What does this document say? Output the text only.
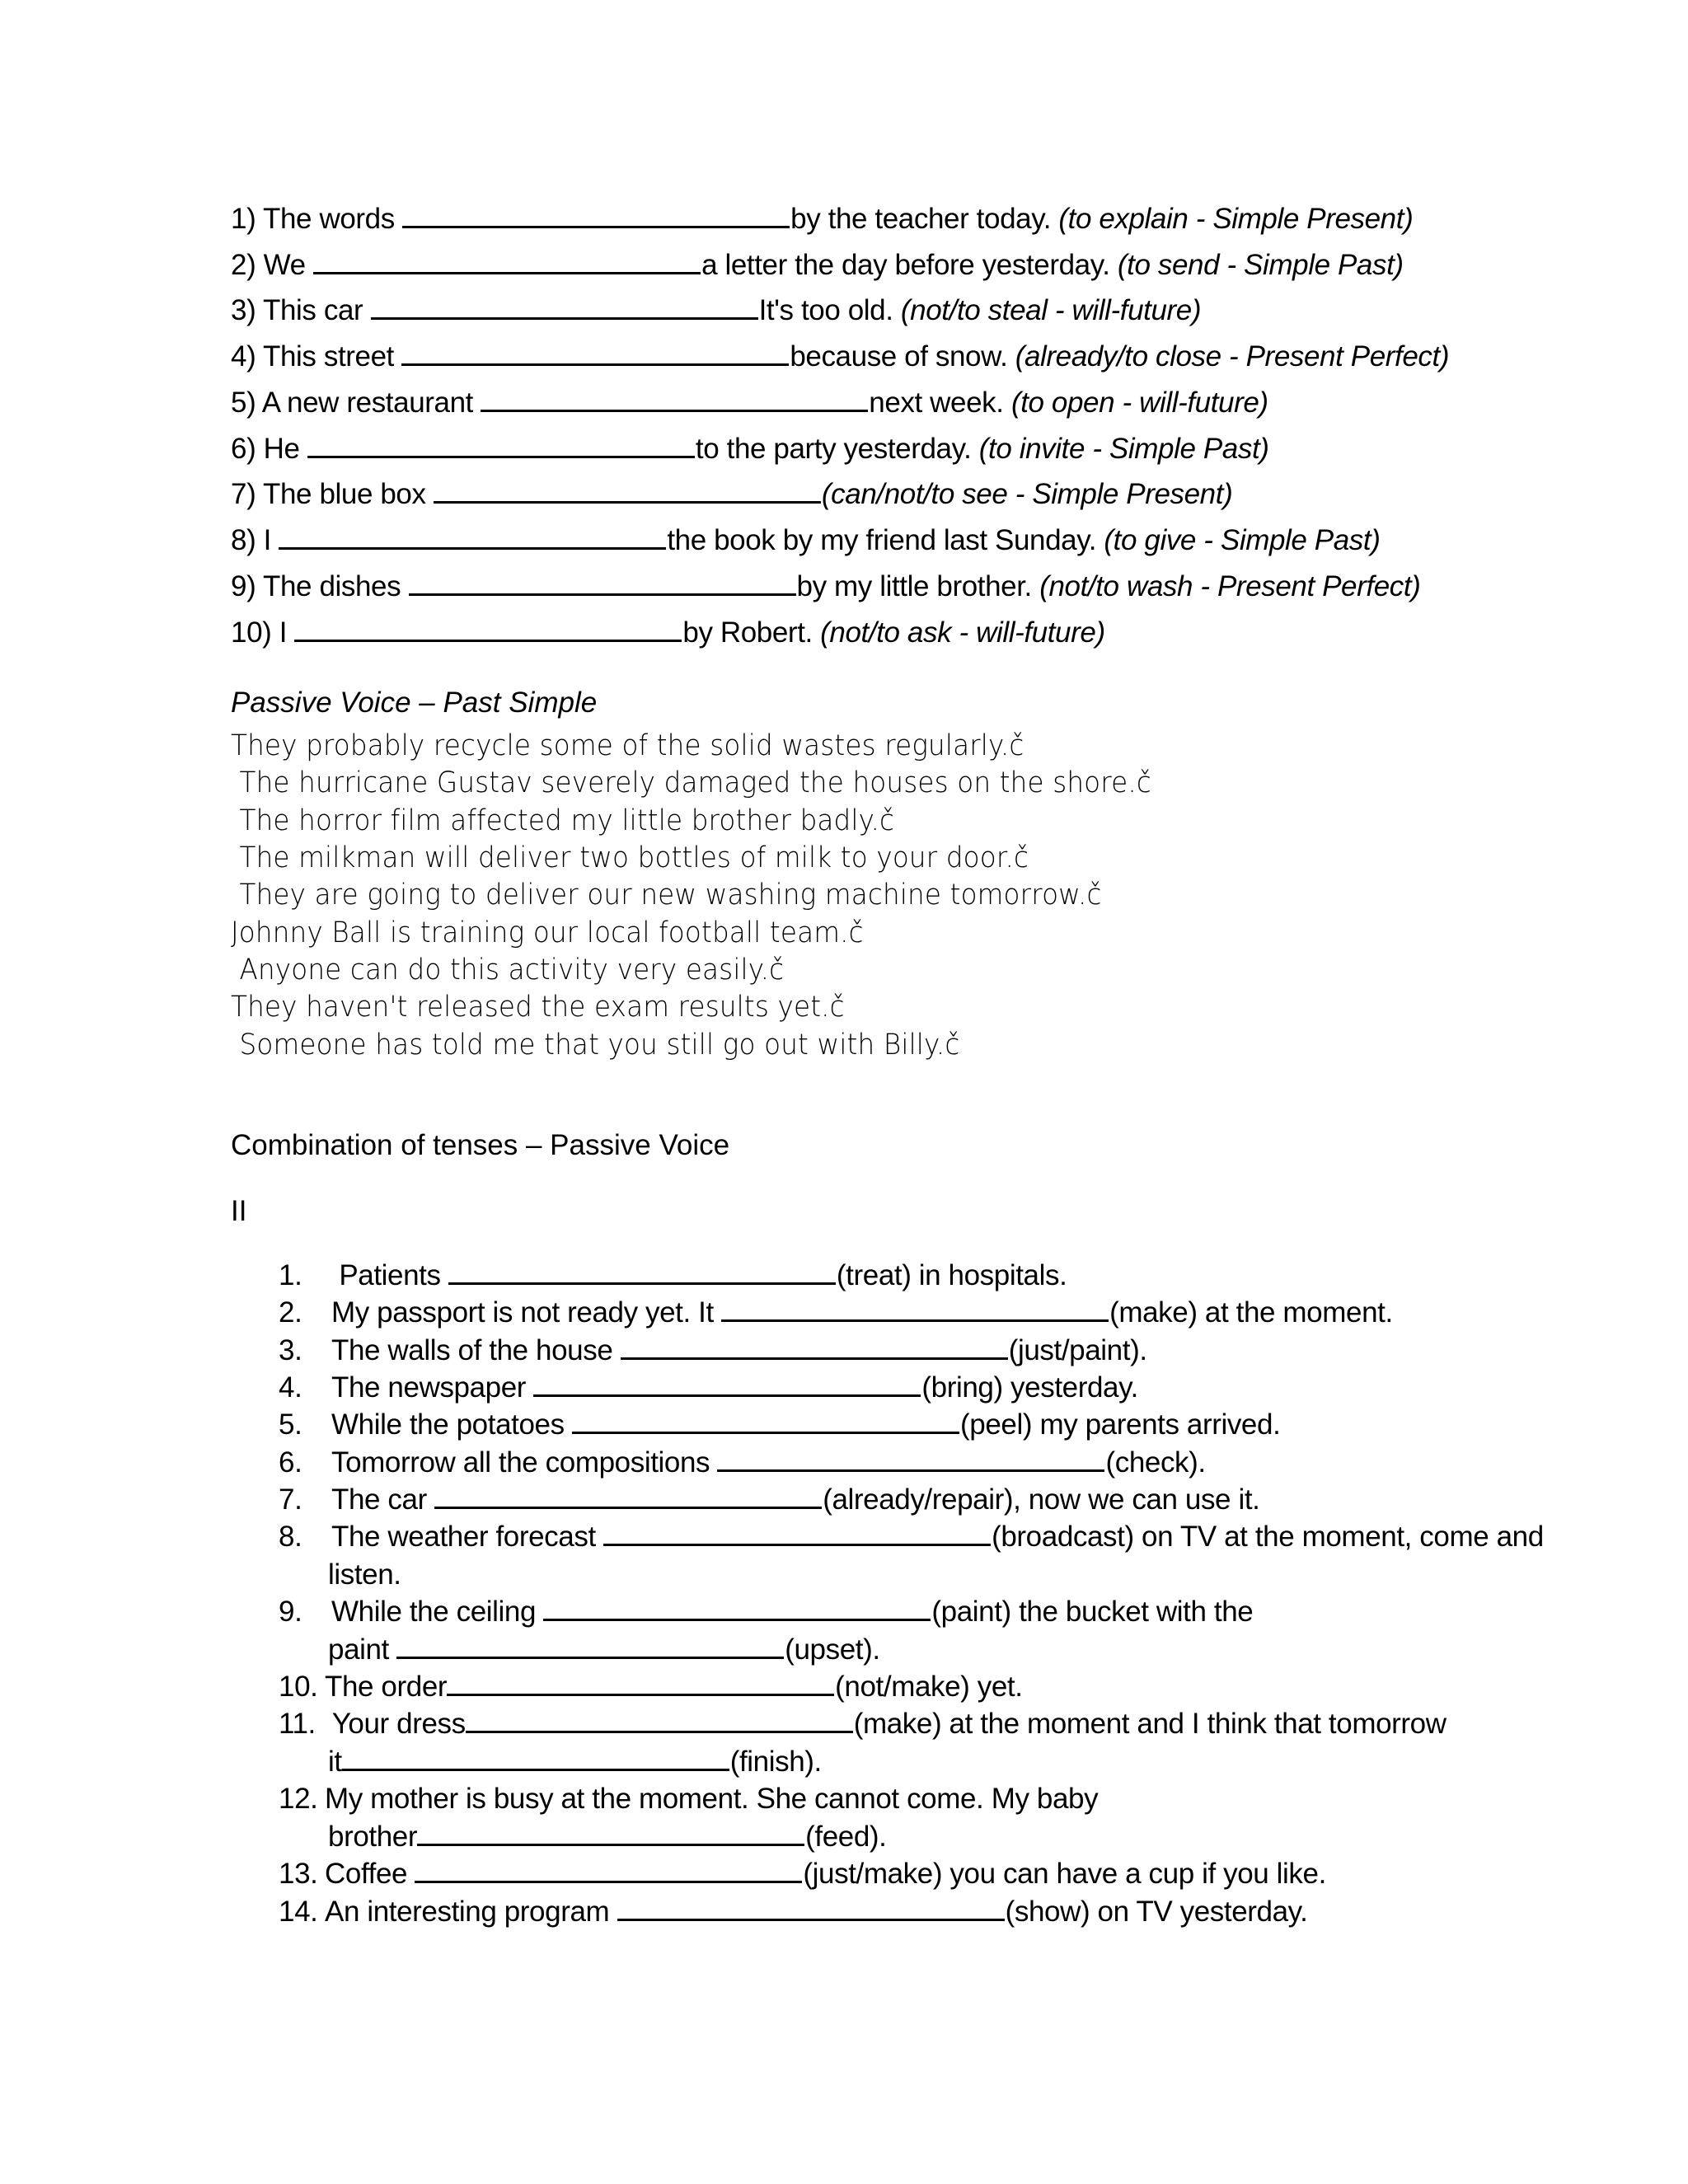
1) The words	by the teacher today. (to explain - Simple Present)
2) We	a letter the day before yesterday. (to send - Simple Past)
3) This car	It's too old. (not/to steal - will-future)
4) This street	because of snow. (already/to close - Present Perfect)
5) A new restaurant	next week. (to open - will-future)
6) He	to the party yesterday. (to invite - Simple Past)
7) The blue box	(can/not/to see - Simple Present)
8) I	the book by my friend last Sunday. (to give - Simple Past)
9) The dishes	by my little brother. (not/to wash - Present Perfect)
10) I	by Robert. (not/to ask - will-future)
Passive Voice – Past Simple
They probably recycle some of the solid wastes regularly.č
The hurricane Gustav severely damaged the houses on the shore.č
The horror film affected my little brother badly.č
The milkman will deliver two bottles of milk to your door.č
They are going to deliver our new washing machine tomorrow.č
Johnny Ball is training our local football team.č
Anyone can do this activity very easily.č
They haven't released the exam results yet.č
Someone has told me that you still go out with Billy.č
Combination of tenses – Passive Voice
II
1. Patients	(treat) in hospitals.
2. My passport is not ready yet. It	(make) at the moment.
3. The walls of the house	(just/paint).
4. The newspaper	(bring) yesterday.
5. While the potatoes	(peel) my parents arrived.
6. Tomorrow all the compositions	(check).
7. The car	(already/repair), now we can use it.
8. The weather forecast	(broadcast) on TV at the moment, come and
listen.
9. While the ceiling	(paint) the bucket with the
paint	(upset).
10. The order	(not/make) yet.
11. Your dress	(make) at the moment and I think that tomorrow
it	(finish).
12. My mother is busy at the moment. She cannot come. My baby
brother	(feed).
13. Coffee	(just/make) you can have a cup if you like.
14. An interesting program	(show) on TV yesterday.
